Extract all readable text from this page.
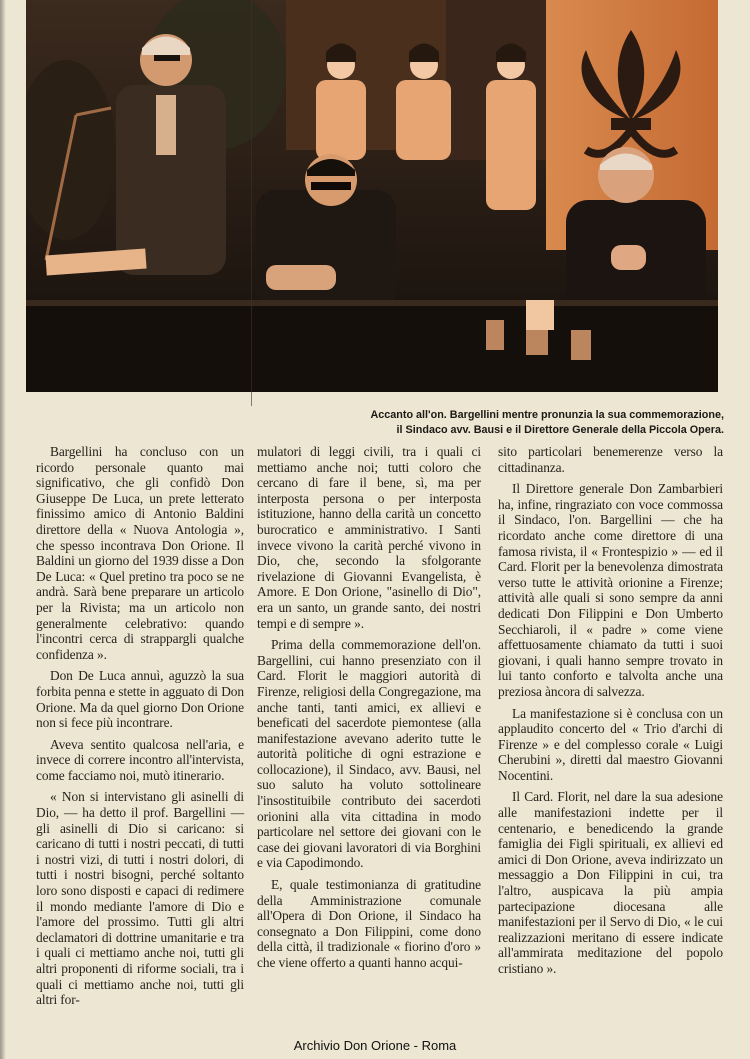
Accanto all'on. Bargellini mentre pronunzia la sua commemorazione,
il Sindaco avv. Bausi e il Direttore Generale della Piccola Opera.

Bargellini ha concluso con un ricordo personale quanto mai significativo, che gli confidò Don Giuseppe De Luca, un prete letterato finissimo amico di Antonio Baldini direttore della « Nuova Antologia », che spesso incontrava Don Orione. Il Baldini un giorno del 1939 disse a Don De Luca: « Quel pretino tra poco se ne andrà. Sarà bene preparare un articolo per la Rivista; ma un articolo non generalmente celebrativo: quando l'incontri cerca di strappargli qualche confidenza ».

Don De Luca annuì, aguzzò la sua forbita penna e stette in agguato di Don Orione. Ma da quel giorno Don Orione non si fece più incontrare.

Aveva sentito qualcosa nell'aria, e invece di correre incontro all'intervista, come facciamo noi, mutò itinerario.

« Non si intervistano gli asinelli di Dio, — ha detto il prof. Bargellini — gli asinelli di Dio si caricano: si caricano di tutti i nostri peccati, di tutti i nostri vizi, di tutti i nostri dolori, di tutti i nostri bisogni, perché soltanto loro sono disposti e capaci di redimere il mondo mediante l'amore di Dio e l'amore del prossimo. Tutti gli altri declamatori di dottrine umanitarie e tra i quali ci mettiamo anche noi, tutti gli altri proponenti di riforme sociali, tra i quali ci mettiamo anche noi, tutti gli altri for-

mulatori di leggi civili, tra i quali ci mettiamo anche noi; tutti coloro che cercano di fare il bene, sì, ma per interposta persona o per interposta istituzione, hanno della carità un concetto burocratico e amministrativo. I Santi invece vivono la carità perché vivono in Dio, che, secondo la sfolgorante rivelazione di Giovanni Evangelista, è Amore. E Don Orione, "asinello di Dio", era un santo, un grande santo, dei nostri tempi e di sempre ».

Prima della commemorazione dell'on. Bargellini, cui hanno presenziato con il Card. Florit le maggiori autorità di Firenze, religiosi della Congregazione, ma anche tanti, tanti amici, ex allievi e beneficati del sacerdote piemontese (alla manifestazione avevano aderito tutte le autorità politiche di ogni estrazione e collocazione), il Sindaco, avv. Bausi, nel suo saluto ha voluto sottolineare l'insostituibile contributo dei sacerdoti orionini alla vita cittadina in modo particolare nel settore dei giovani con le case dei giovani lavoratori di via Borghini e via Capodimondo.

E, quale testimonianza di gratitudine della Amministrazione comunale all'Opera di Don Orione, il Sindaco ha consegnato a Don Filippini, come dono della città, il tradizionale « fiorino d'oro » che viene offerto a quanti hanno acqui-

sito particolari benemerenze verso la cittadinanza.

Il Direttore generale Don Zambarbieri ha, infine, ringraziato con voce commossa il Sindaco, l'on. Bargellini — che ha ricordato anche come direttore di una famosa rivista, il « Frontespizio » — ed il Card. Florit per la benevolenza dimostrata verso tutte le attività orionine a Firenze; attività alle quali si sono sempre da anni dedicati Don Filippini e Don Umberto Secchiaroli, il « padre » come viene affettuosamente chiamato da tutti i suoi giovani, i quali hanno sempre trovato in lui tanto conforto e talvolta anche una preziosa àncora di salvezza.

La manifestazione si è conclusa con un applaudito concerto del « Trio d'archi di Firenze » e del complesso corale « Luigi Cherubini », diretti dal maestro Giovanni Nocentini.

Il Card. Florit, nel dare la sua adesione alle manifestazioni indette per il centenario, e benedicendo la grande famiglia dei Figli spirituali, ex allievi ed amici di Don Orione, aveva indirizzato un messaggio a Don Filippini in cui, tra l'altro, auspicava la più ampia partecipazione diocesana alle manifestazioni per il Servo di Dio, « le cui realizzazioni meritano di essere indicate all'ammirata meditazione del popolo cristiano ».

Archivio Don Orione - Roma
